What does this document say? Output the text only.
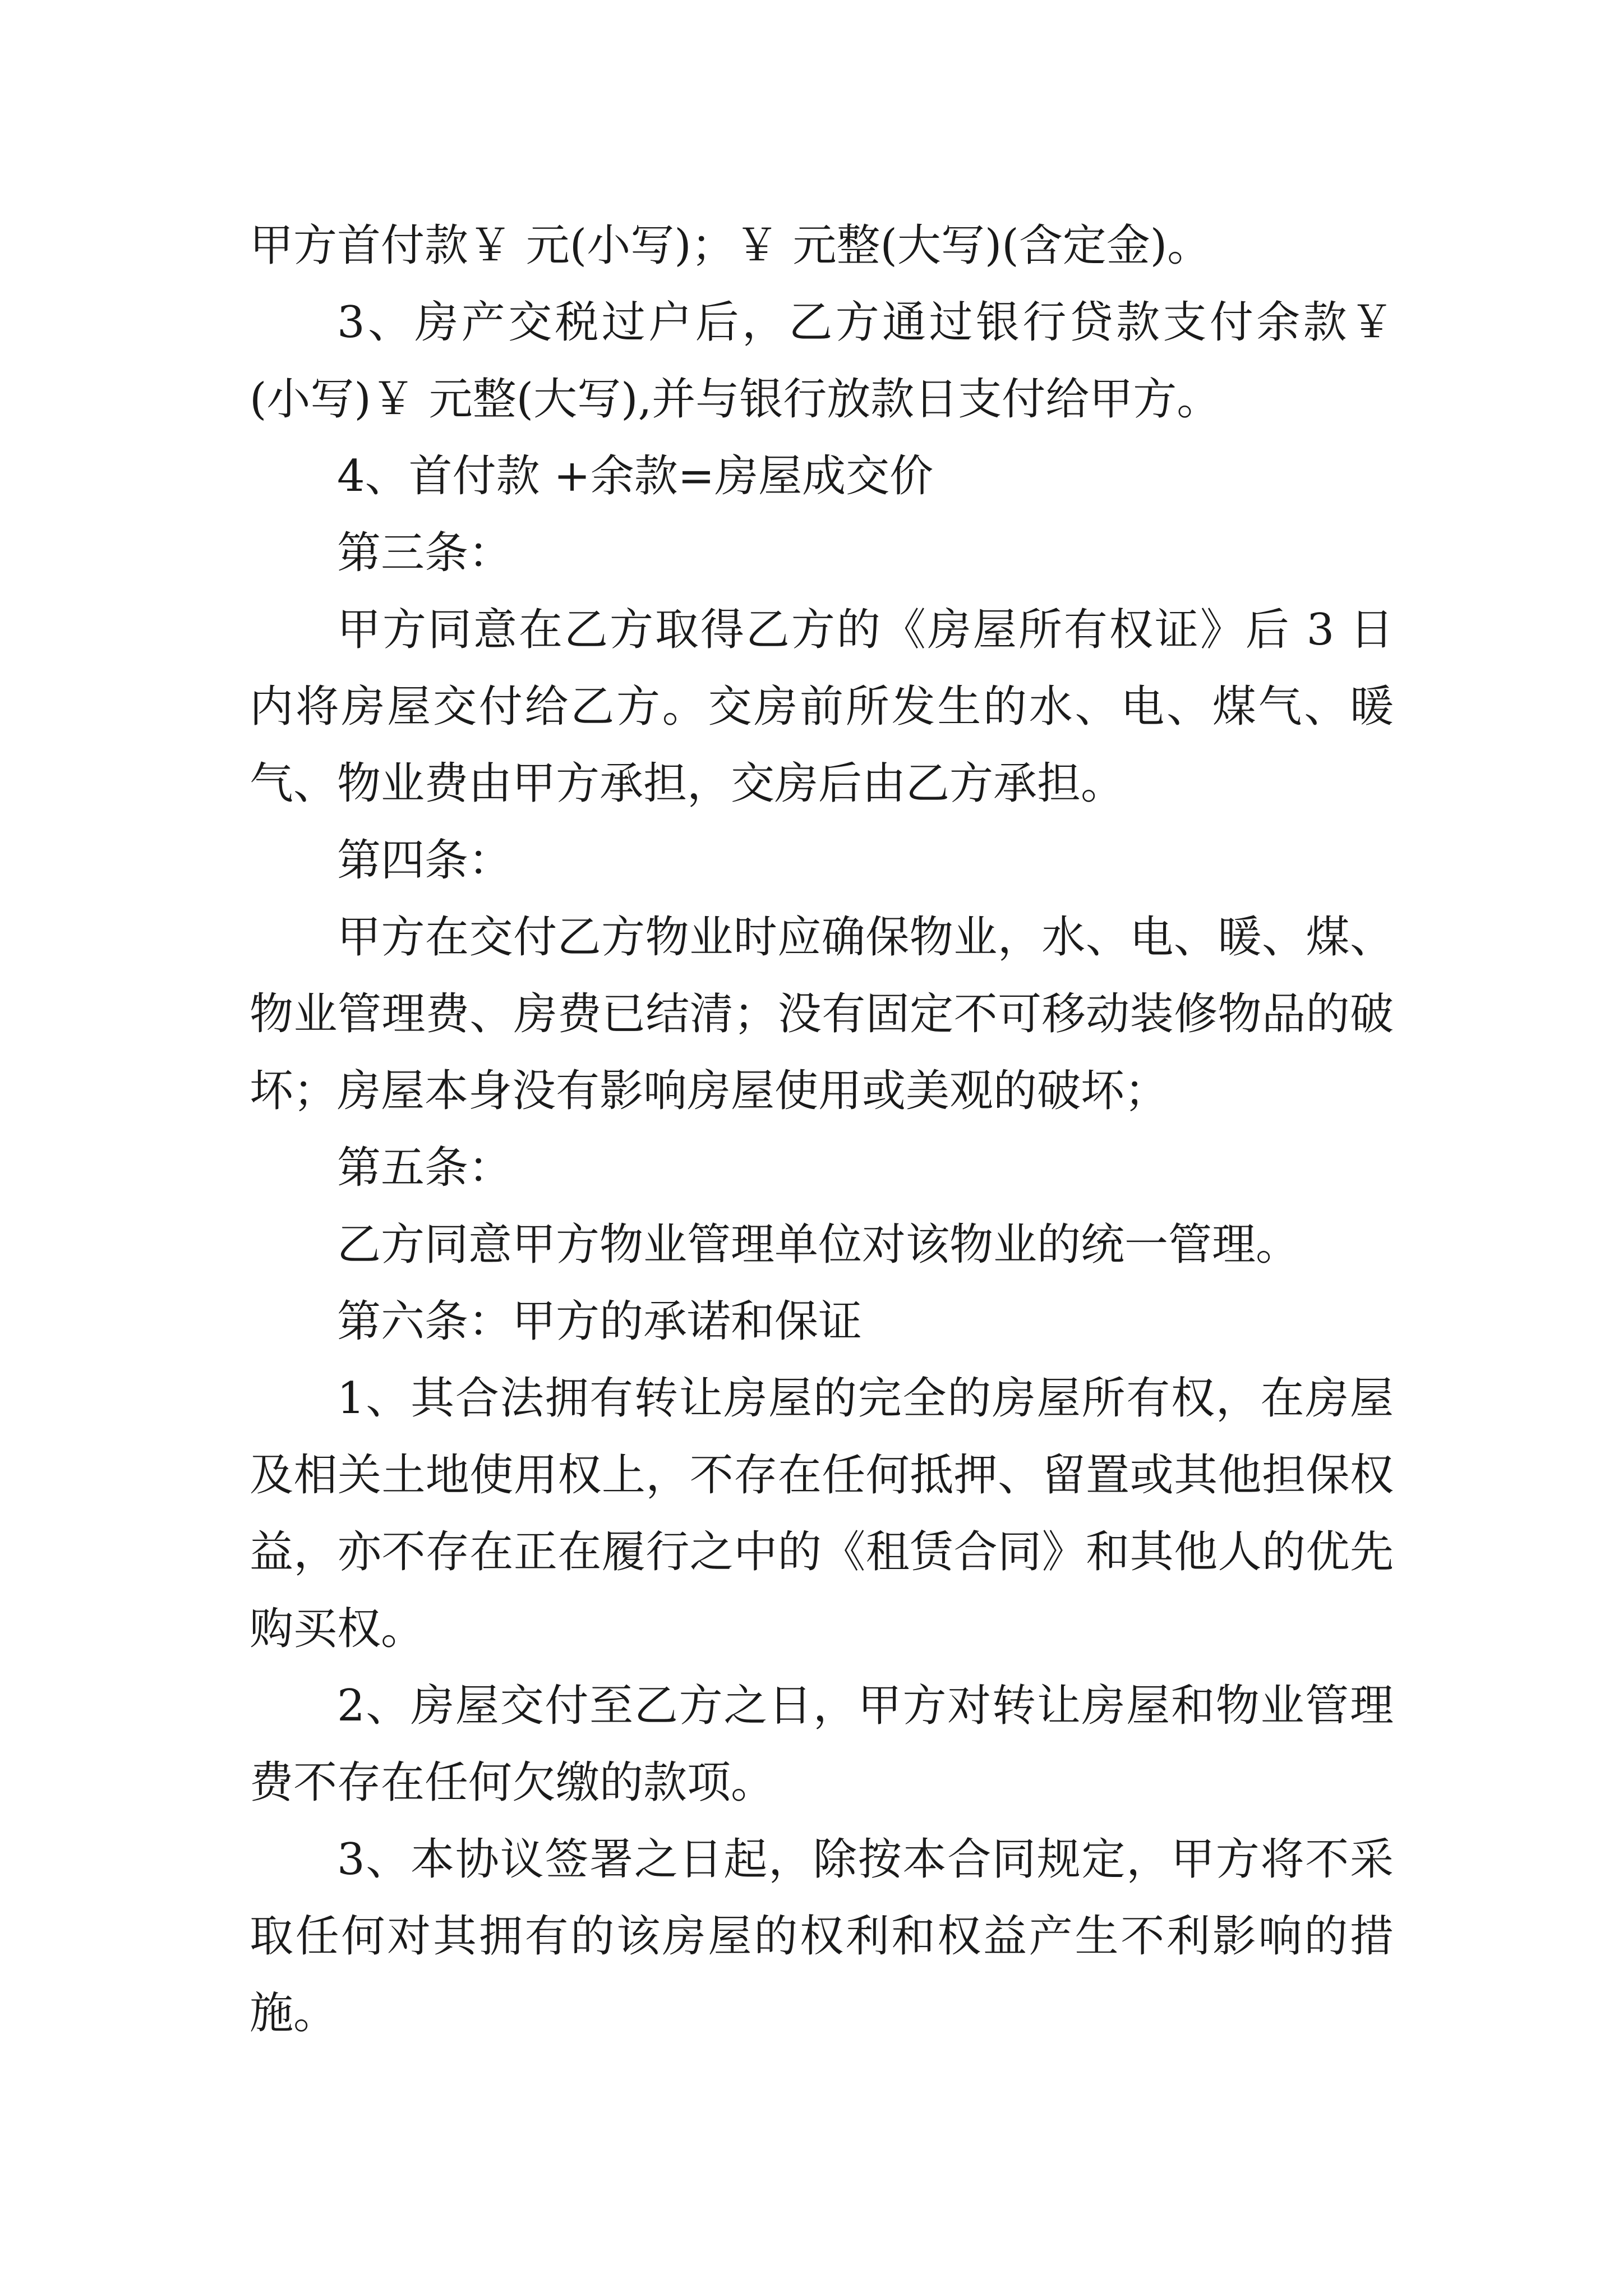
甲方首付款￥ 元(小写)；￥ 元整(大写)(含定金)。

3、房产交税过户后，乙方通过银行贷款支付余款￥ (小写)￥ 元整(大写),并与银行放款日支付给甲方。

4、首付款 +余款=房屋成交价

第三条：

甲方同意在乙方取得乙方的《房屋所有权证》后 3 日内将房屋交付给乙方。交房前所发生的水、电、煤气、暖气、物业费由甲方承担，交房后由乙方承担。

第四条：

甲方在交付乙方物业时应确保物业，水、电、暖、煤、物业管理费、房费已结清；没有固定不可移动装修物品的破坏；房屋本身没有影响房屋使用或美观的破坏；

第五条：

乙方同意甲方物业管理单位对该物业的统一管理。

第六条：甲方的承诺和保证

1、其合法拥有转让房屋的完全的房屋所有权，在房屋及相关土地使用权上，不存在任何抵押、留置或其他担保权益，亦不存在正在履行之中的《租赁合同》和其他人的优先购买权。

2、房屋交付至乙方之日，甲方对转让房屋和物业管理费不存在任何欠缴的款项。

3、本协议签署之日起，除按本合同规定，甲方将不采取任何对其拥有的该房屋的权利和权益产生不利影响的措施。
